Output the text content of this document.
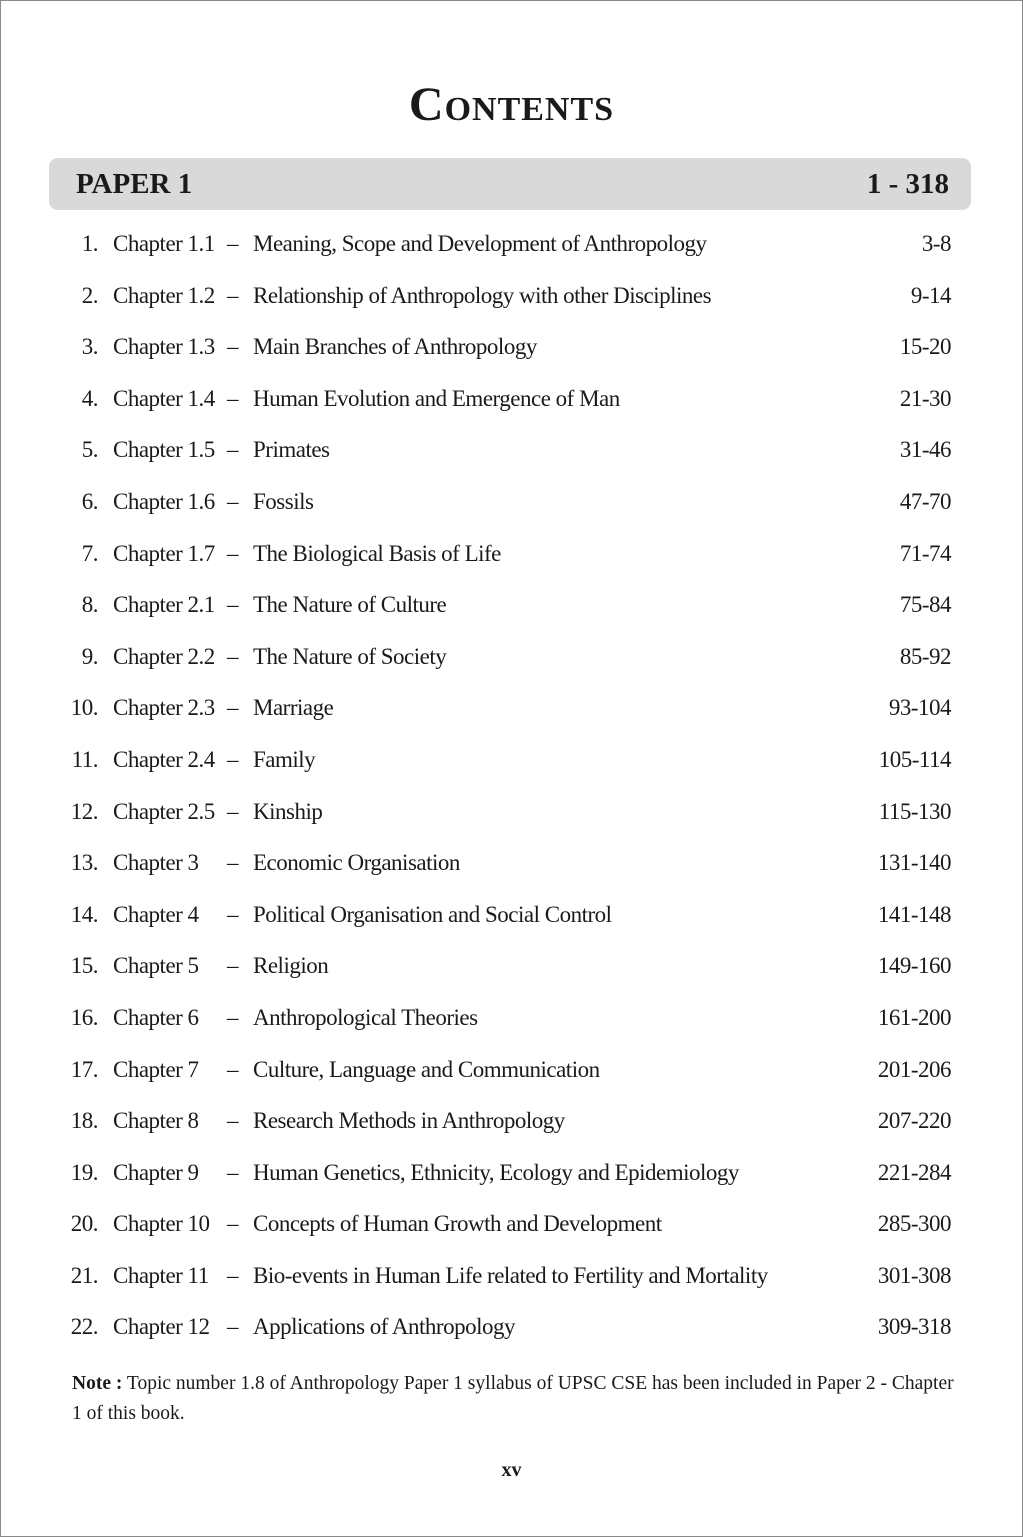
Contents
PAPER 1	1 - 318
1. Chapter 1.1 – Meaning, Scope and Development of Anthropology	3-8
2. Chapter 1.2 – Relationship of Anthropology with other Disciplines	9-14
3. Chapter 1.3 – Main Branches of Anthropology	15-20
4. Chapter 1.4 – Human Evolution and Emergence of Man	21-30
5. Chapter 1.5 – Primates	31-46
6. Chapter 1.6 – Fossils	47-70
7. Chapter 1.7 – The Biological Basis of Life	71-74
8. Chapter 2.1 – The Nature of Culture	75-84
9. Chapter 2.2 – The Nature of Society	85-92
10. Chapter 2.3 – Marriage	93-104
11. Chapter 2.4 – Family	105-114
12. Chapter 2.5 – Kinship	115-130
13. Chapter 3 – Economic Organisation	131-140
14. Chapter 4 – Political Organisation and Social Control	141-148
15. Chapter 5 – Religion	149-160
16. Chapter 6 – Anthropological Theories	161-200
17. Chapter 7 – Culture, Language and Communication	201-206
18. Chapter 8 – Research Methods in Anthropology	207-220
19. Chapter 9 – Human Genetics, Ethnicity, Ecology and Epidemiology	221-284
20. Chapter 10 – Concepts of Human Growth and Development	285-300
21. Chapter 11 – Bio-events in Human Life related to Fertility and Mortality	301-308
22. Chapter 12 – Applications of Anthropology	309-318
Note : Topic number 1.8 of Anthropology Paper 1 syllabus of UPSC CSE has been included in Paper 2 - Chapter 1 of this book.
xv
